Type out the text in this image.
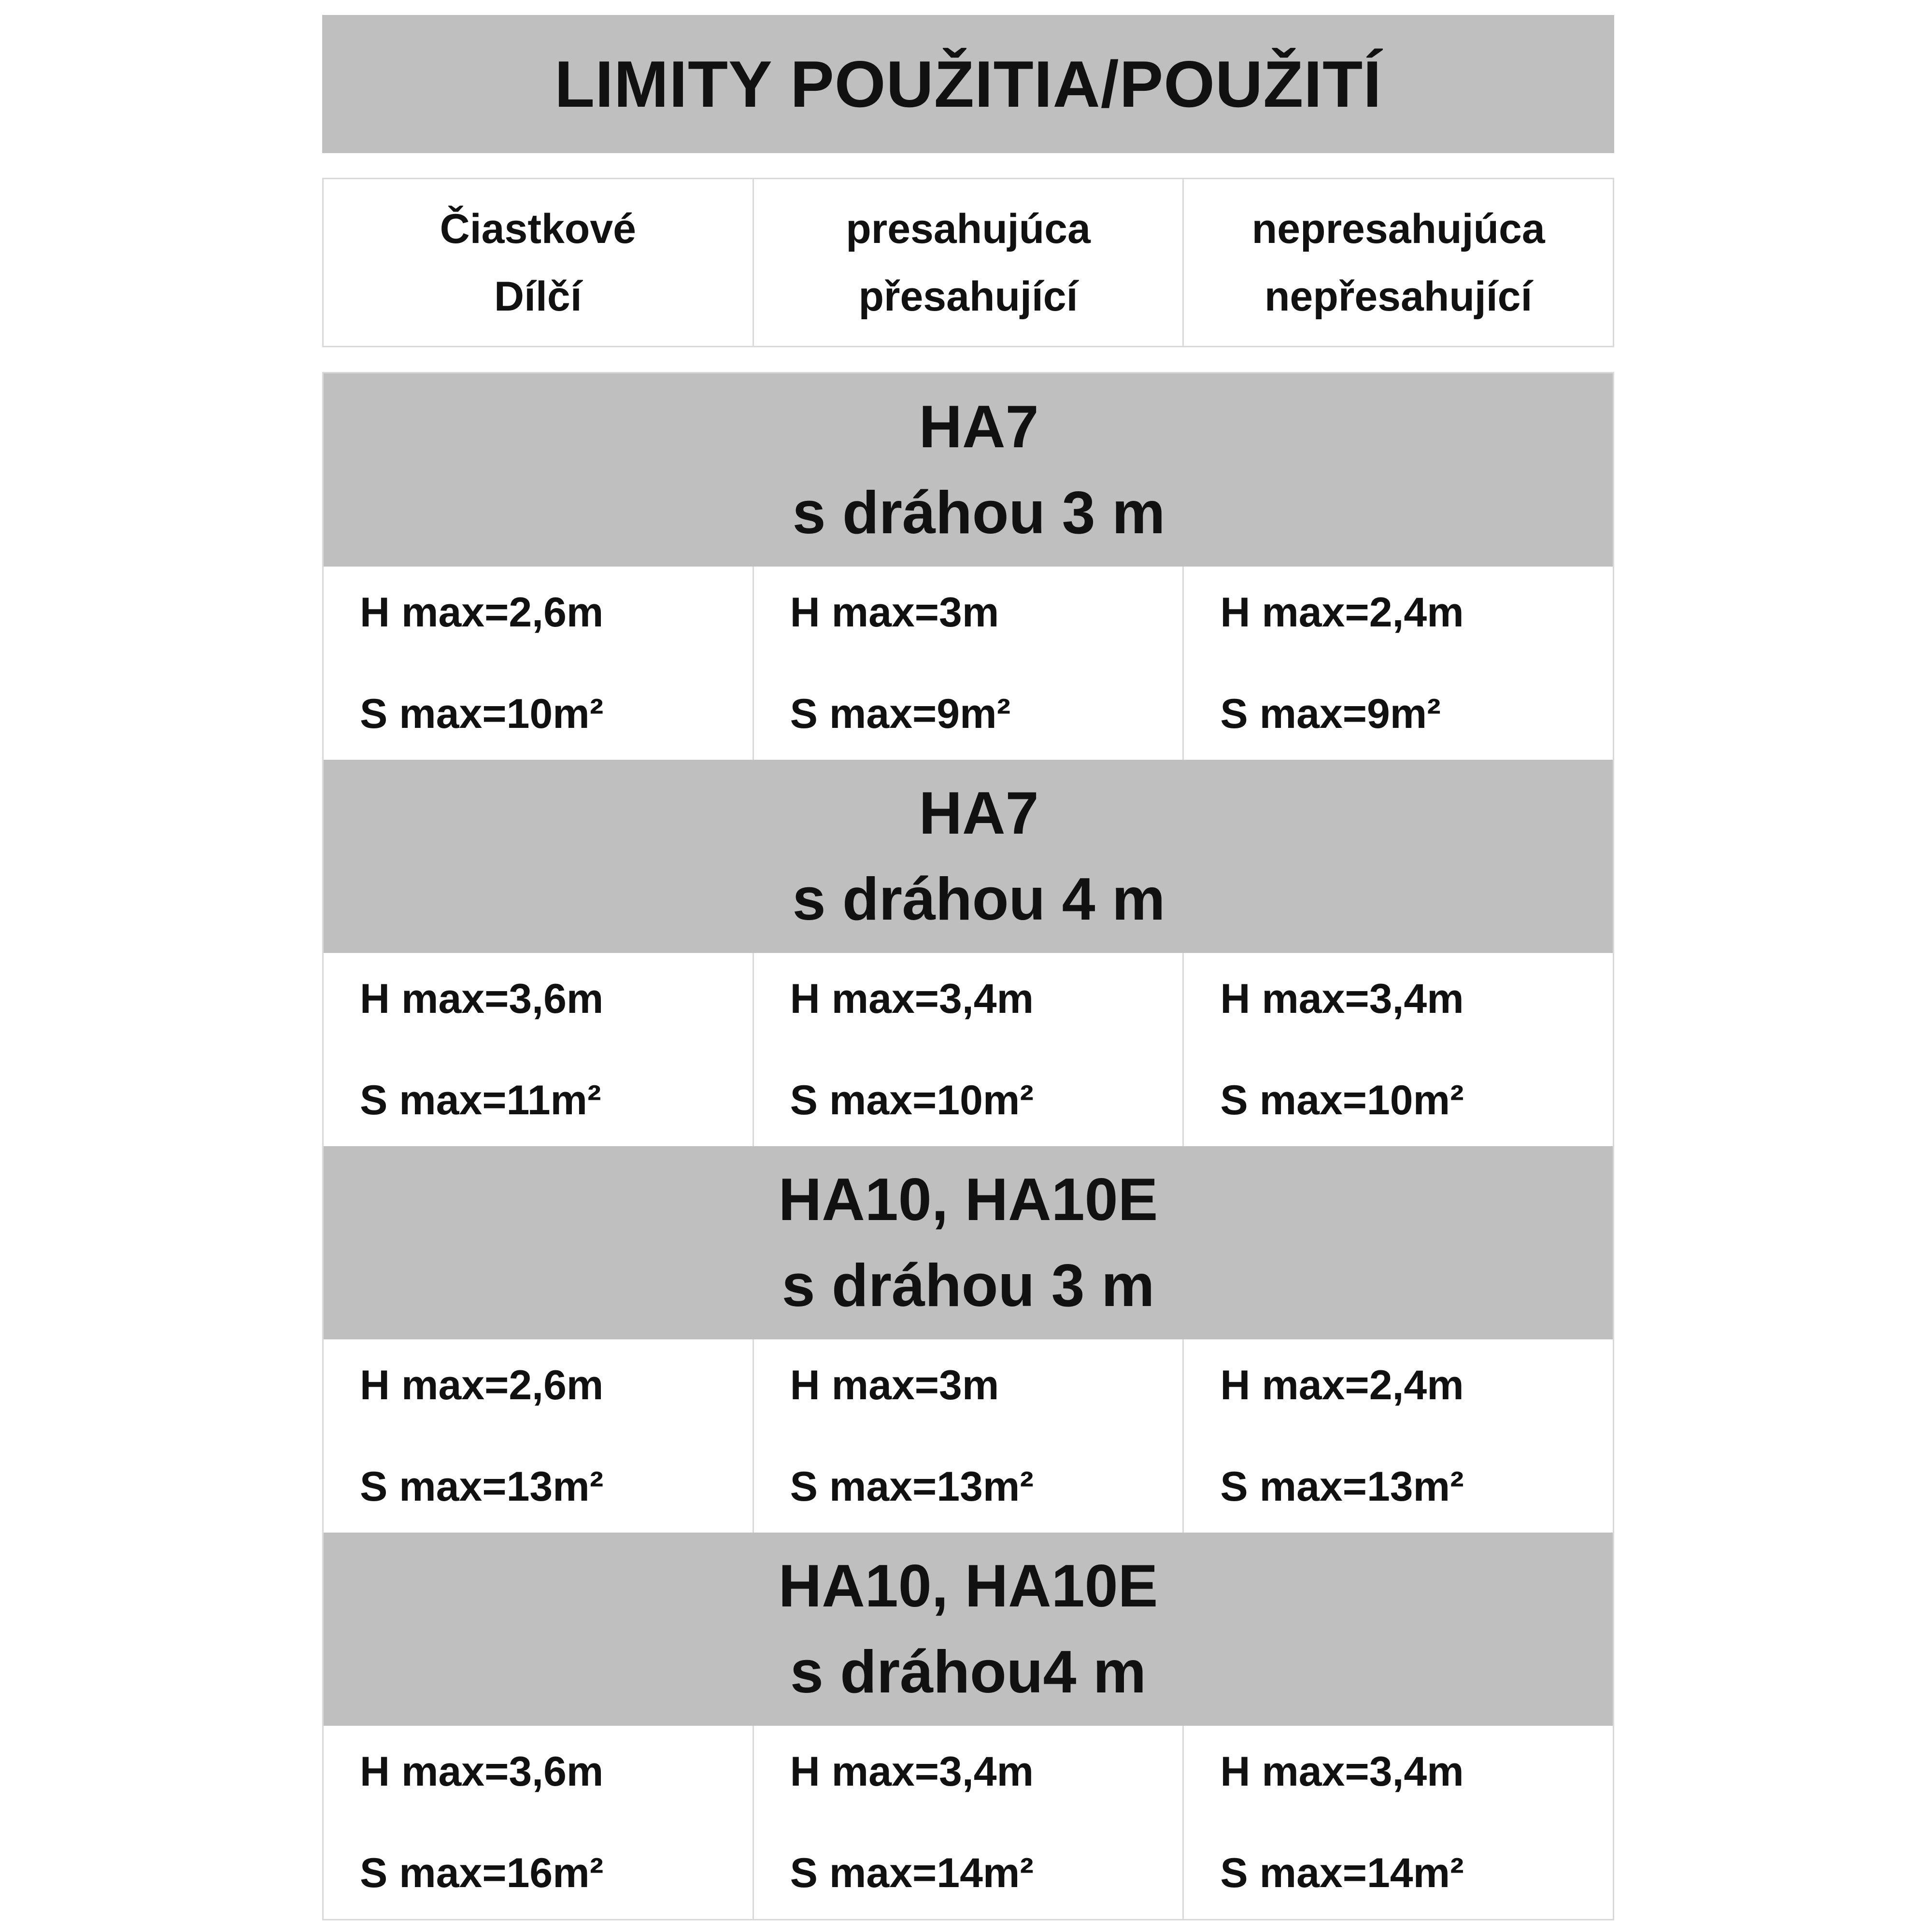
LIMITY POUŽITIA/POUŽITÍ
Čiastkové
Dílčí
presahujúca
přesahující
nepresahujúca
nepřesahující
HA7
s dráhou 3 m
H max=2,6m
S max=10m²
H max=3m
S max=9m²
H max=2,4m
S max=9m²
HA7
s dráhou 4 m
H max=3,6m
S max=11m²
H max=3,4m
S max=10m²
H max=3,4m
S max=10m²
HA10, HA10E
s dráhou 3 m
H max=2,6m
S max=13m²
H max=3m
S max=13m²
H max=2,4m
S max=13m²
HA10, HA10E
s dráhou4 m
H max=3,6m
S max=16m²
H max=3,4m
S max=14m²
H max=3,4m
S max=14m²
